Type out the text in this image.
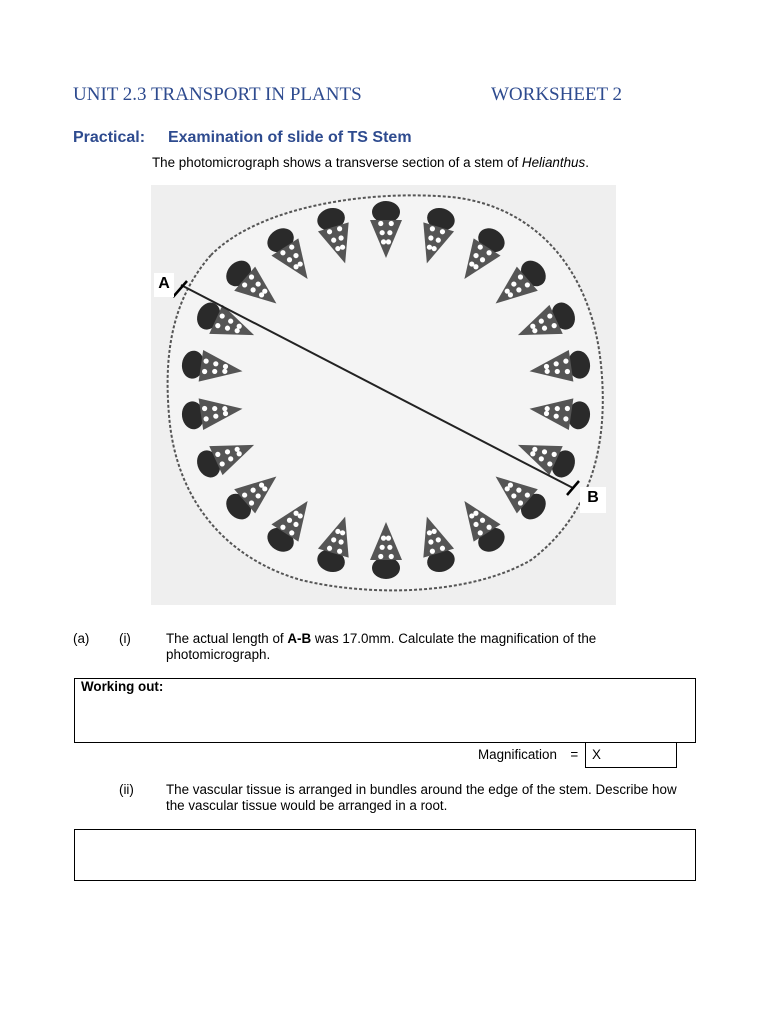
UNIT 2.3 TRANSPORT IN PLANTS	WORKSHEET 2
Practical: Examination of slide of TS Stem
The photomicrograph shows a transverse section of a stem of Helianthus.
A
B
(a) (i)	The actual length of A-B was 17.0mm. Calculate the magnification of the photomicrograph.
Working out:
Magnification = X
(ii) The vascular tissue is arranged in bundles around the edge of the stem. Describe how the vascular tissue would be arranged in a root.
